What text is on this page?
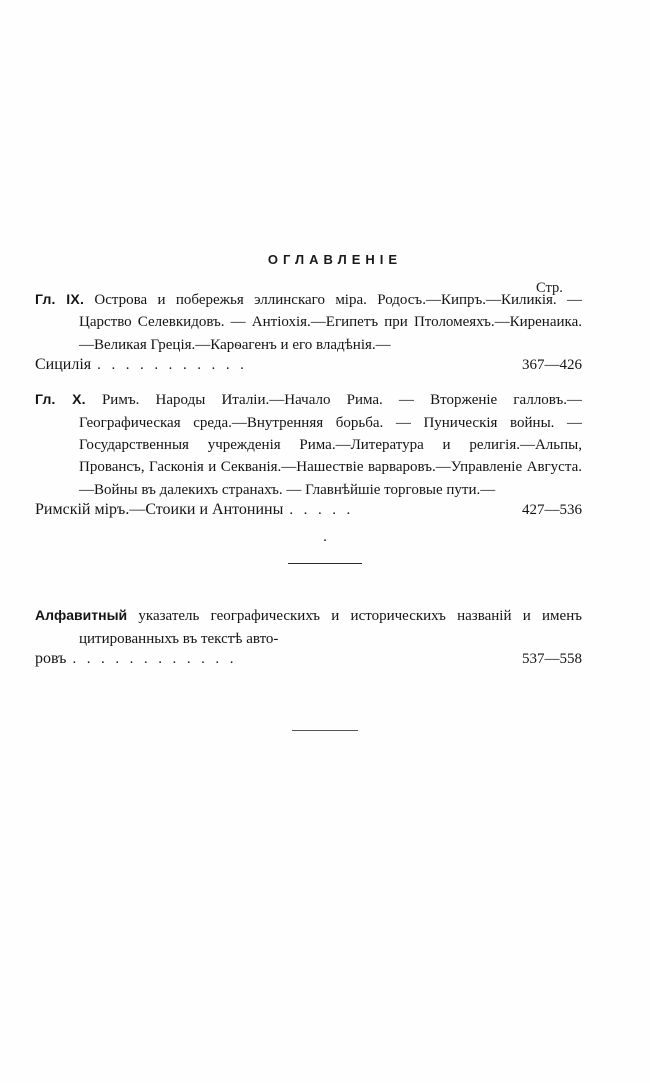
ОГЛАВЛЕНІЕ
Стр.
Гл. IX. Острова и побережья эллинскаго міра. Родосъ.—Кипръ.—Киликія. — Царство Селевкидовъ. — Антіохія.—Египетъ при Птоломеяхъ.—Киренаика.—Великая Греція.—Карѳагенъ и его владѣнія.—
Сицилія . . . . . . . . . . .	367—426
Гл. X. Римъ. Народы Италіи.—Начало Рима. — Вторженіе галловъ.—Географическая среда.—Внутренняя борьба. — Пуническія войны. — Государственныя учрежденія Рима.—Литература и религія.—Альпы, Провансъ, Гасконія и Секванія.—Нашествіе варваровъ.—Управленіе Августа.—Войны въ далекихъ странахъ. — Главнѣйшіе торговые пути.—
Римскій міръ.—Стоики и Антонины . . . . .	427—536
.
Алфавитный указатель географическихъ и историческихъ названій и именъ цитированныхъ въ текстѣ авто-
ровъ . . . . . . . . . . . .	537—558
